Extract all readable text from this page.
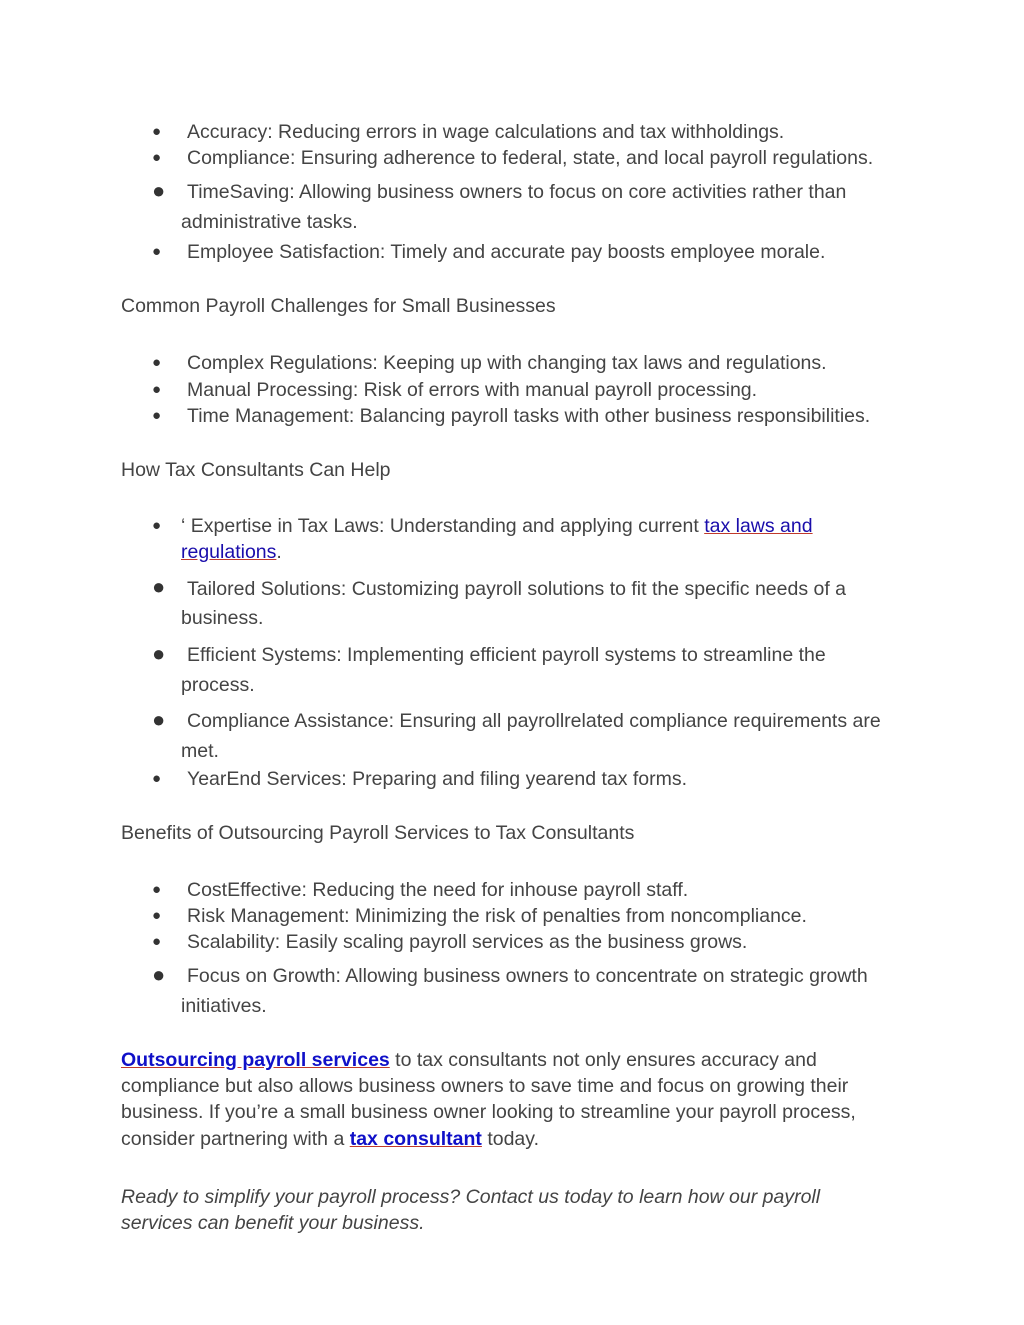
● Accuracy: Reducing errors in wage calculations and tax withholdings.
● Compliance: Ensuring adherence to federal, state, and local payroll regulations.
● TimeSaving: Allowing business owners to focus on core activities rather than
administrative tasks.
● Employee Satisfaction: Timely and accurate pay boosts employee morale.
Common Payroll Challenges for Small Businesses
● Complex Regulations: Keeping up with changing tax laws and regulations.
● Manual Processing: Risk of errors with manual payroll processing.
● Time Management: Balancing payroll tasks with other business responsibilities.
How Tax Consultants Can Help
● ‘ Expertise in Tax Laws: Understanding and applying current tax laws and
regulations.
● Tailored Solutions: Customizing payroll solutions to fit the specific needs of a
business.
● Efficient Systems: Implementing efficient payroll systems to streamline the
process.
● Compliance Assistance: Ensuring all payrollrelated compliance requirements are
met.
● YearEnd Services: Preparing and filing yearend tax forms.
Benefits of Outsourcing Payroll Services to Tax Consultants
● CostEffective: Reducing the need for inhouse payroll staff.
● Risk Management: Minimizing the risk of penalties from noncompliance.
● Scalability: Easily scaling payroll services as the business grows.
● Focus on Growth: Allowing business owners to concentrate on strategic growth
initiatives.
Outsourcing payroll services to tax consultants not only ensures accuracy and
compliance but also allows business owners to save time and focus on growing their
business. If you’re a small business owner looking to streamline your payroll process,
consider partnering with a tax consultant today.
Ready to simplify your payroll process? Contact us today to learn how our payroll
services can benefit your business.
